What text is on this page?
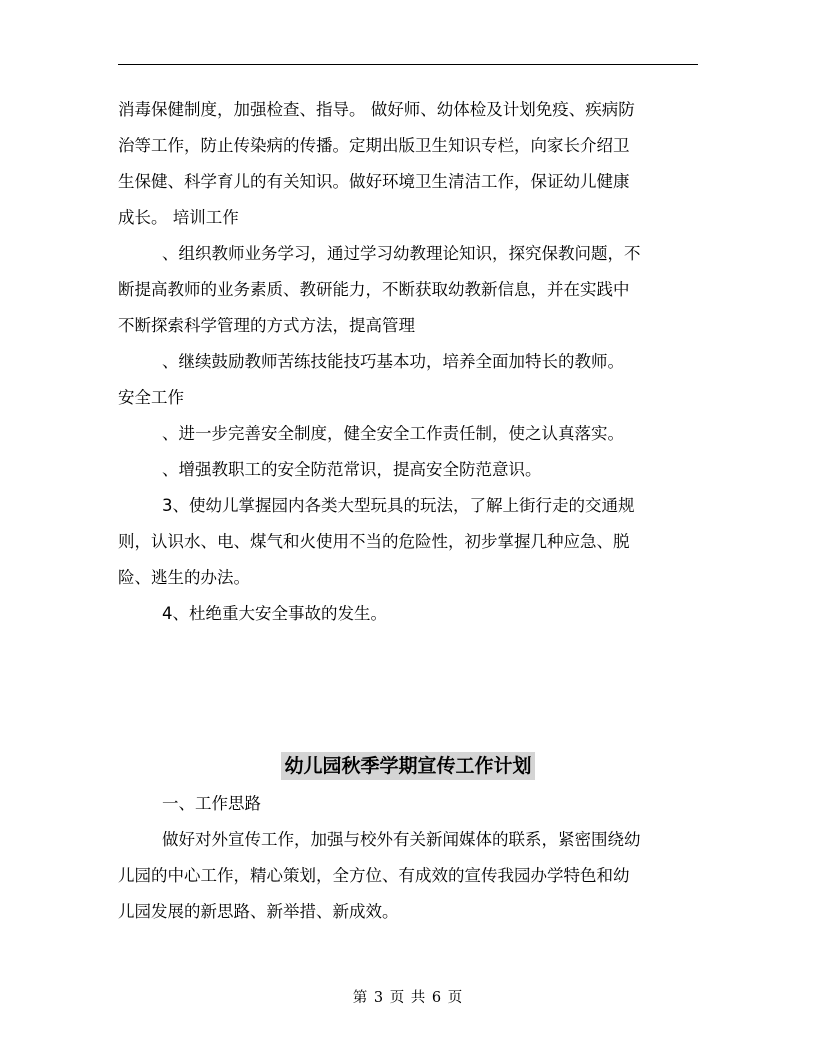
消毒保健制度，加强检查、指导。 做好师、幼体检及计划免疫、疾病防

治等工作，防止传染病的传播。定期出版卫生知识专栏，向家长介绍卫

生保健、科学育儿的有关知识。做好环境卫生清洁工作，保证幼儿健康

成长。 培训工作

、组织教师业务学习，通过学习幼教理论知识，探究保教问题，不

断提高教师的业务素质、教研能力，不断获取幼教新信息，并在实践中

不断探索科学管理的方式方法，提高管理

、继续鼓励教师苦练技能技巧基本功，培养全面加特长的教师。

安全工作

、进一步完善安全制度，健全安全工作责任制，使之认真落实。

、增强教职工的安全防范常识，提高安全防范意识。

3、使幼儿掌握园内各类大型玩具的玩法，了解上街行走的交通规

则，认识水、电、煤气和火使用不当的危险性，初步掌握几种应急、脱

险、逃生的办法。

4、杜绝重大安全事故的发生。

幼儿园秋季学期宣传工作计划

一、工作思路

做好对外宣传工作，加强与校外有关新闻媒体的联系，紧密围绕幼

儿园的中心工作，精心策划，全方位、有成效的宣传我园办学特色和幼

儿园发展的新思路、新举措、新成效。

第 3 页 共 6 页
